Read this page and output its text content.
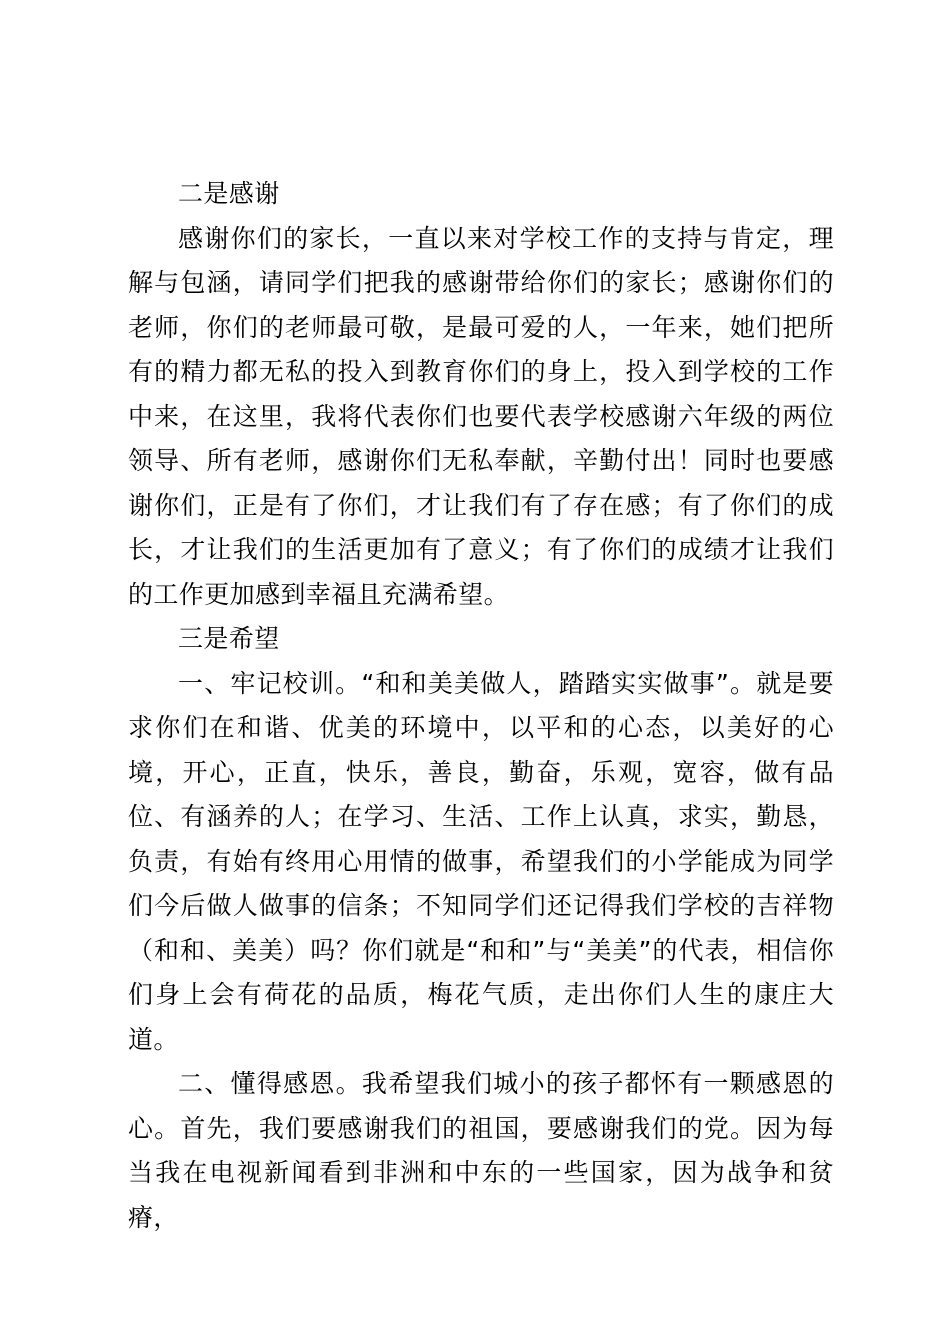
二是感谢

感谢你们的家长，一直以来对学校工作的支持与肯定，理解与包涵，请同学们把我的感谢带给你们的家长；感谢你们的老师，你们的老师最可敬，是最可爱的人，一年来，她们把所有的精力都无私的投入到教育你们的身上，投入到学校的工作中来，在这里，我将代表你们也要代表学校感谢六年级的两位领导、所有老师，感谢你们无私奉献，辛勤付出！同时也要感谢你们，正是有了你们，才让我们有了存在感；有了你们的成长，才让我们的生活更加有了意义；有了你们的成绩才让我们的工作更加感到幸福且充满希望。

三是希望

一、牢记校训。“和和美美做人，踏踏实实做事”。就是要求你们在和谐、优美的环境中，以平和的心态，以美好的心境，开心，正直，快乐，善良，勤奋，乐观，宽容，做有品位、有涵养的人；在学习、生活、工作上认真，求实，勤恳，负责，有始有终用心用情的做事，希望我们的小学能成为同学们今后做人做事的信条；不知同学们还记得我们学校的吉祥物（和和、美美）吗？你们就是“和和”与“美美”的代表，相信你们身上会有荷花的品质，梅花气质，走出你们人生的康庄大道。

二、懂得感恩。我希望我们城小的孩子都怀有一颗感恩的心。首先，我们要感谢我们的祖国，要感谢我们的党。因为每当我在电视新闻看到非洲和中东的一些国家，因为战争和贫瘠，
